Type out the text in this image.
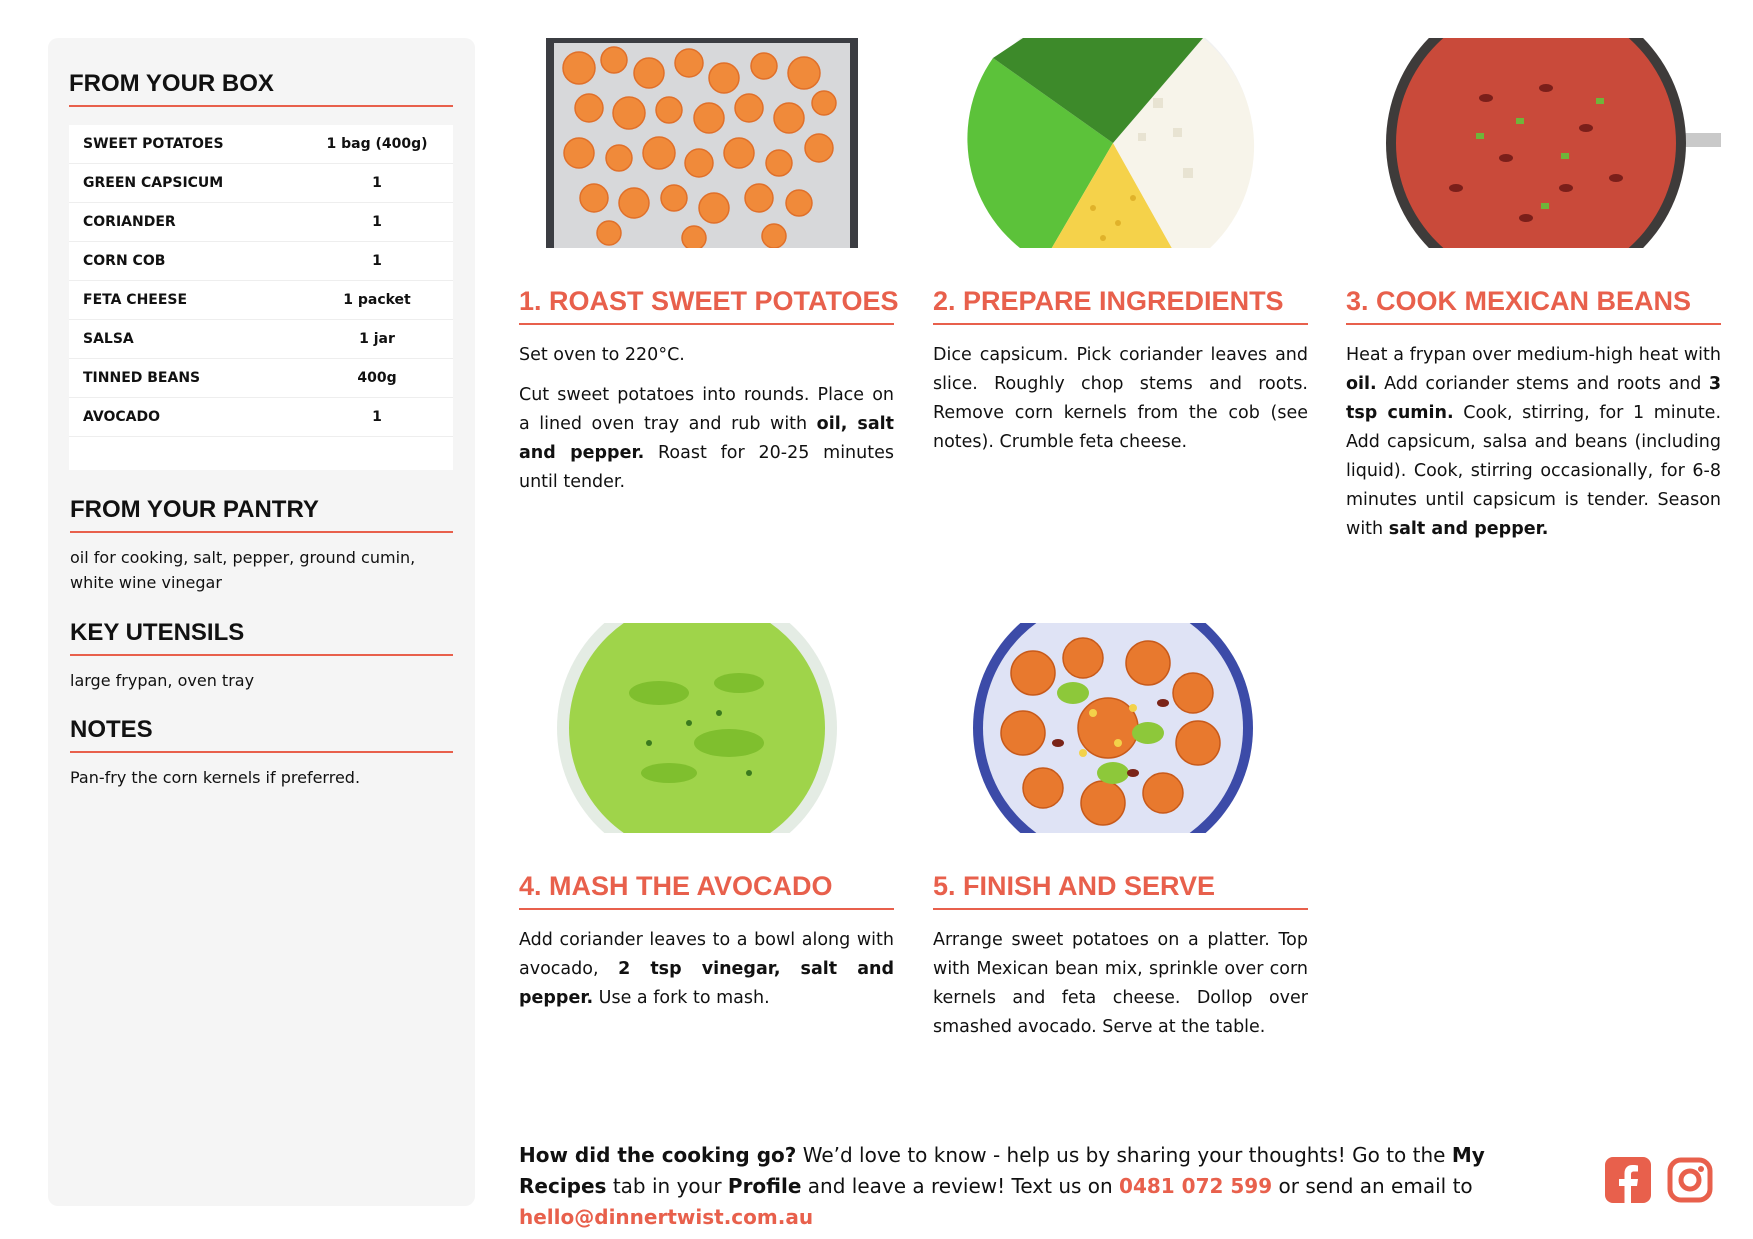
FROM YOUR BOX
SWEET POTATOES	1 bag (400g)
GREEN CAPSICUM	1
CORIANDER	1
CORN COB	1
FETA CHEESE	1 packet
SALSA	1 jar
TINNED BEANS	400g
AVOCADO	1
FROM YOUR PANTRY
oil for cooking, salt, pepper, ground cumin, white wine vinegar
KEY UTENSILS
large frypan, oven tray
NOTES
Pan-fry the corn kernels if preferred.
1. ROAST SWEET POTATOES

Set oven to 220°C.

Cut sweet potatoes into rounds. Place on a lined oven tray and rub with oil, salt and pepper. Roast for 20-25 minutes until tender.

2. PREPARE INGREDIENTS

Dice capsicum. Pick coriander leaves and slice. Roughly chop stems and roots. Remove corn kernels from the cob (see notes). Crumble feta cheese.

3. COOK MEXICAN BEANS

Heat a frypan over medium-high heat with oil. Add coriander stems and roots and 3 tsp cumin. Cook, stirring, for 1 minute. Add capsicum, salsa and beans (including liquid). Cook, stirring occasionally, for 6-8 minutes until capsicum is tender. Season with salt and pepper.

4. MASH THE AVOCADO

Add coriander leaves to a bowl along with avocado, 2 tsp vinegar, salt and pepper. Use a fork to mash.

5. FINISH AND SERVE

Arrange sweet potatoes on a platter. Top with Mexican bean mix, sprinkle over corn kernels and feta cheese. Dollop over smashed avocado. Serve at the table.

How did the cooking go? We’d love to know - help us by sharing your thoughts! Go to the My Recipes tab in your Profile and leave a review! Text us on 0481 072 599 or send an email to hello@dinnertwist.com.au
